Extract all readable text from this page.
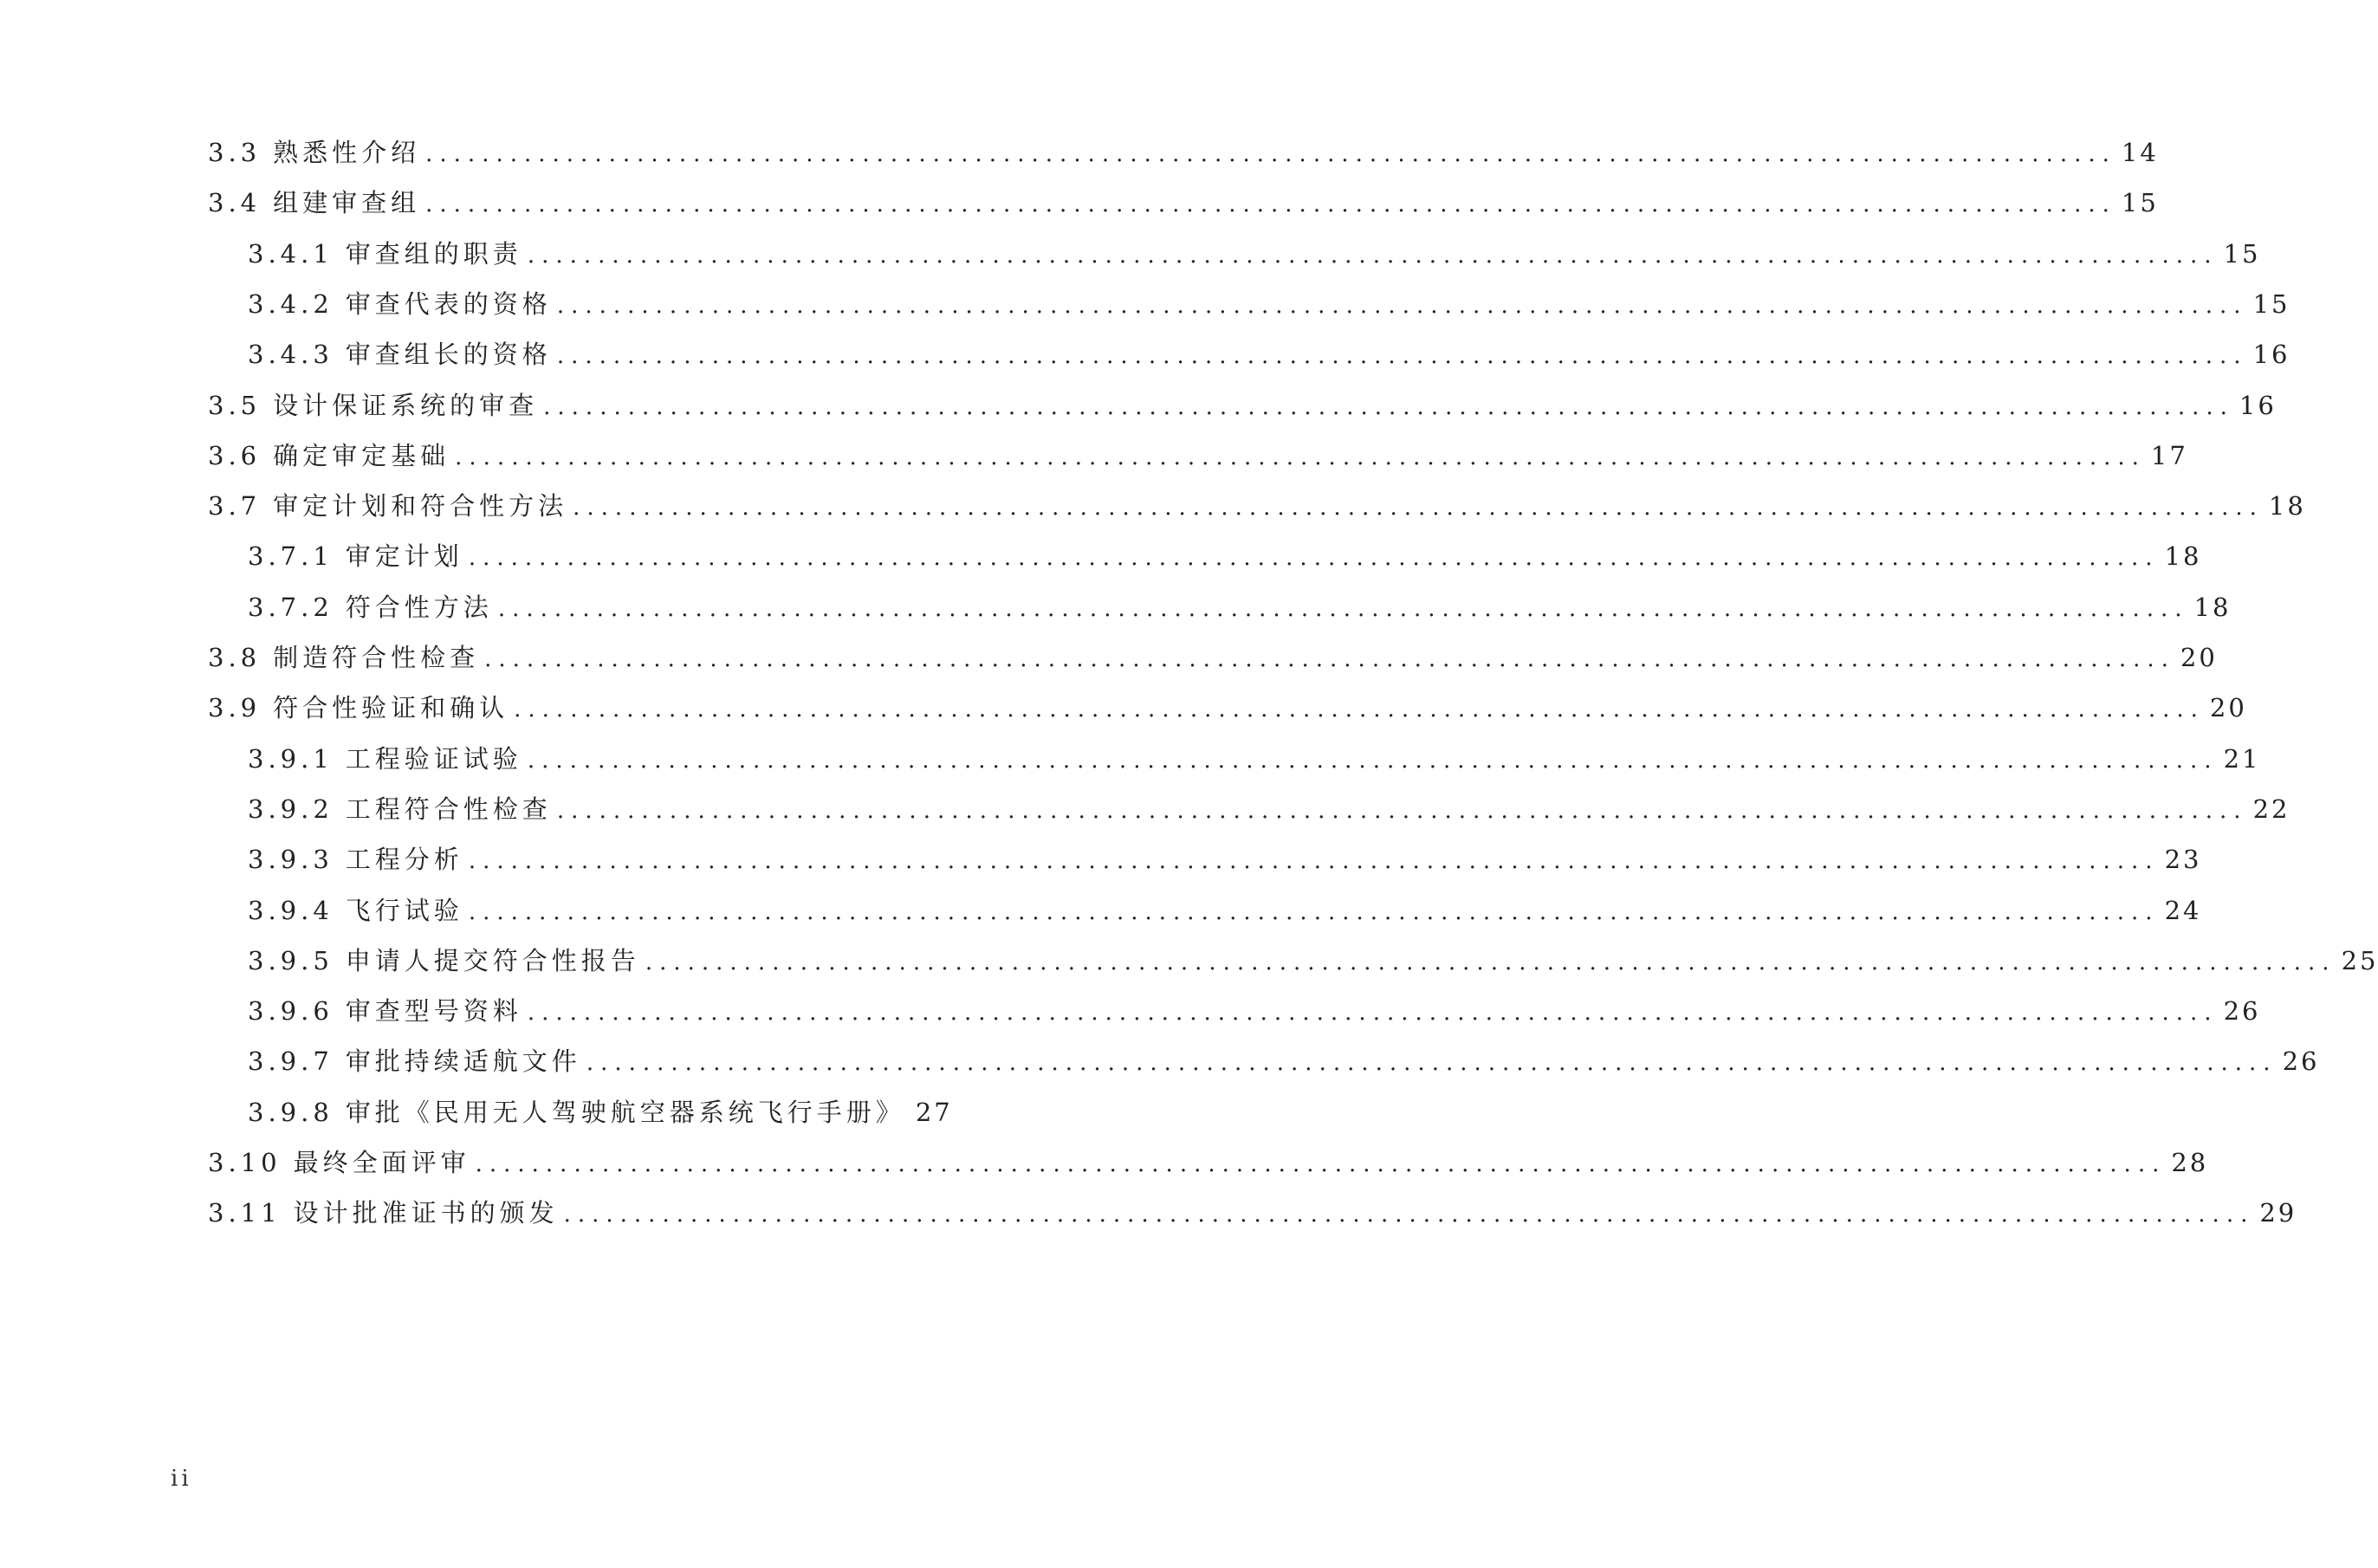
3.3 熟悉性介绍 ........................................................................................................................ 14
3.4 组建审查组 ........................................................................................................................ 15
3.4.1 审查组的职责 ........................................................................................................................ 15
3.4.2 审查代表的资格 ........................................................................................................................ 15
3.4.3 审查组长的资格 ........................................................................................................................ 16
3.5 设计保证系统的审查 ........................................................................................................................ 16
3.6 确定审定基础 ........................................................................................................................ 17
3.7 审定计划和符合性方法 ........................................................................................................................ 18
3.7.1 审定计划 ........................................................................................................................ 18
3.7.2 符合性方法 ........................................................................................................................ 18
3.8 制造符合性检查 ........................................................................................................................ 20
3.9 符合性验证和确认 ........................................................................................................................ 20
3.9.1 工程验证试验 ........................................................................................................................ 21
3.9.2 工程符合性检查 ........................................................................................................................ 22
3.9.3 工程分析 ........................................................................................................................ 23
3.9.4 飞行试验 ........................................................................................................................ 24
3.9.5 申请人提交符合性报告 ........................................................................................................................ 25
3.9.6 审查型号资料 ........................................................................................................................ 26
3.9.7 审批持续适航文件 ........................................................................................................................ 26
3.9.8 审批《民用无人驾驶航空器系统飞行手册》 27
3.10 最终全面评审 ........................................................................................................................ 28
3.11 设计批准证书的颁发 ........................................................................................................................ 29
ii
